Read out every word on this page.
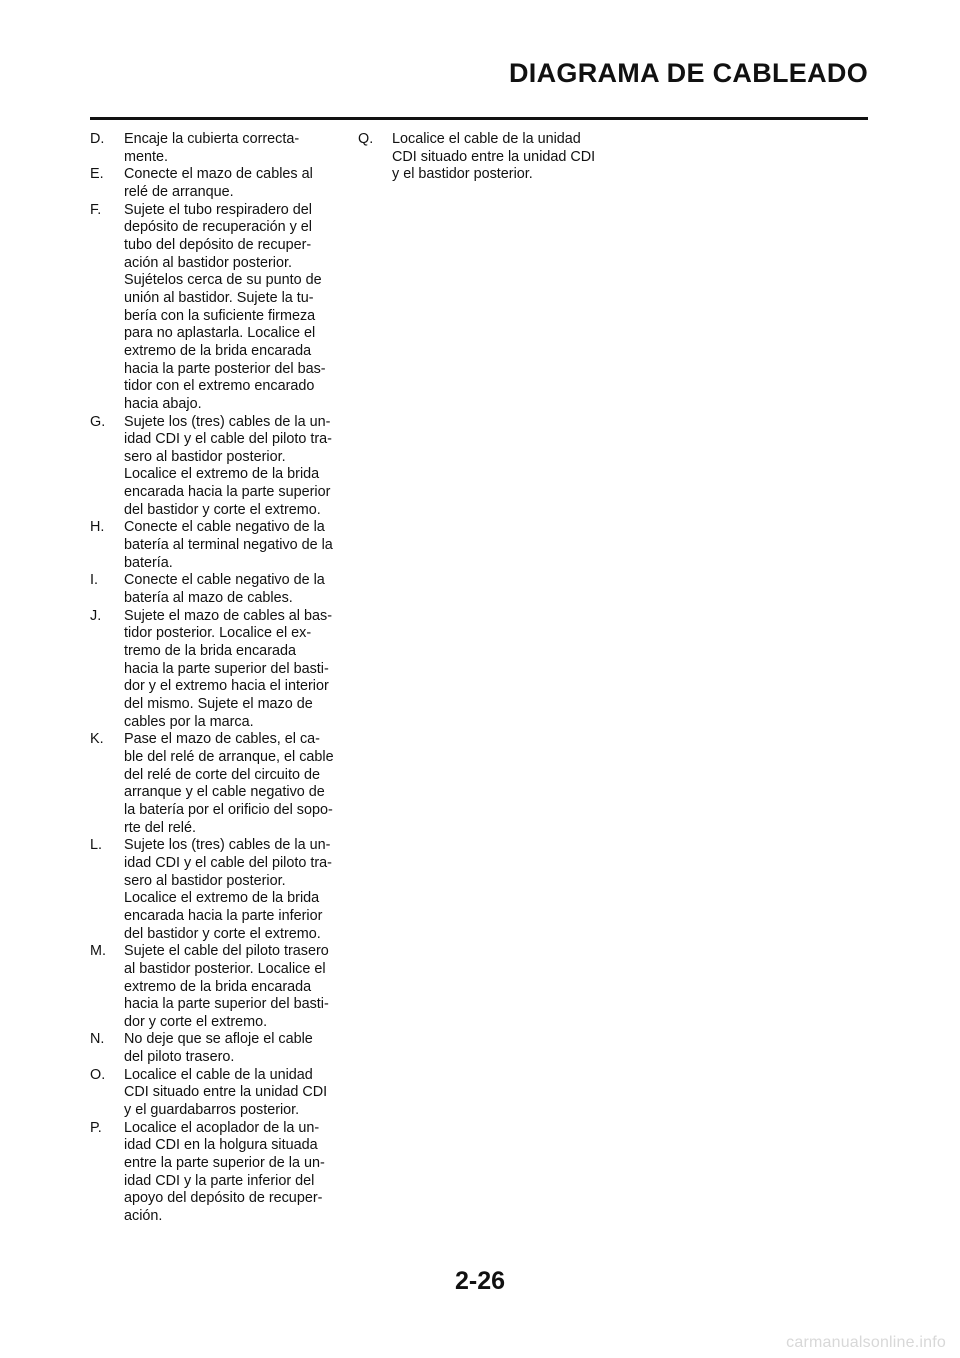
DIAGRAMA DE CABLEADO
D. Encaje la cubierta correcta-
mente.
E. Conecte el mazo de cables al
relé de arranque.
F. Sujete el tubo respiradero del
depósito de recuperación y el
tubo del depósito de recuper-
ación al bastidor posterior.
Sujételos cerca de su punto de
unión al bastidor. Sujete la tu-
bería con la suficiente firmeza
para no aplastarla. Localice el
extremo de la brida encarada
hacia la parte posterior del bas-
tidor con el extremo encarado
hacia abajo.
G. Sujete los (tres) cables de la un-
idad CDI y el cable del piloto tra-
sero al bastidor posterior.
Localice el extremo de la brida
encarada hacia la parte superior
del bastidor y corte el extremo.
H. Conecte el cable negativo de la
batería al terminal negativo de la
batería.
I. Conecte el cable negativo de la
batería al mazo de cables.
J. Sujete el mazo de cables al bas-
tidor posterior. Localice el ex-
tremo de la brida encarada
hacia la parte superior del basti-
dor y el extremo hacia el interior
del mismo. Sujete el mazo de
cables por la marca.
K. Pase el mazo de cables, el ca-
ble del relé de arranque, el cable
del relé de corte del circuito de
arranque y el cable negativo de
la batería por el orificio del sopo-
rte del relé.
L. Sujete los (tres) cables de la un-
idad CDI y el cable del piloto tra-
sero al bastidor posterior.
Localice el extremo de la brida
encarada hacia la parte inferior
del bastidor y corte el extremo.
M. Sujete el cable del piloto trasero
al bastidor posterior. Localice el
extremo de la brida encarada
hacia la parte superior del basti-
dor y corte el extremo.
N. No deje que se afloje el cable
del piloto trasero.
O. Localice el cable de la unidad
CDI situado entre la unidad CDI
y el guardabarros posterior.
P. Localice el acoplador de la un-
idad CDI en la holgura situada
entre la parte superior de la un-
idad CDI y la parte inferior del
apoyo del depósito de recuper-
ación.
Q. Localice el cable de la unidad
CDI situado entre la unidad CDI
y el bastidor posterior.
2-26
carmanualsonline.info
